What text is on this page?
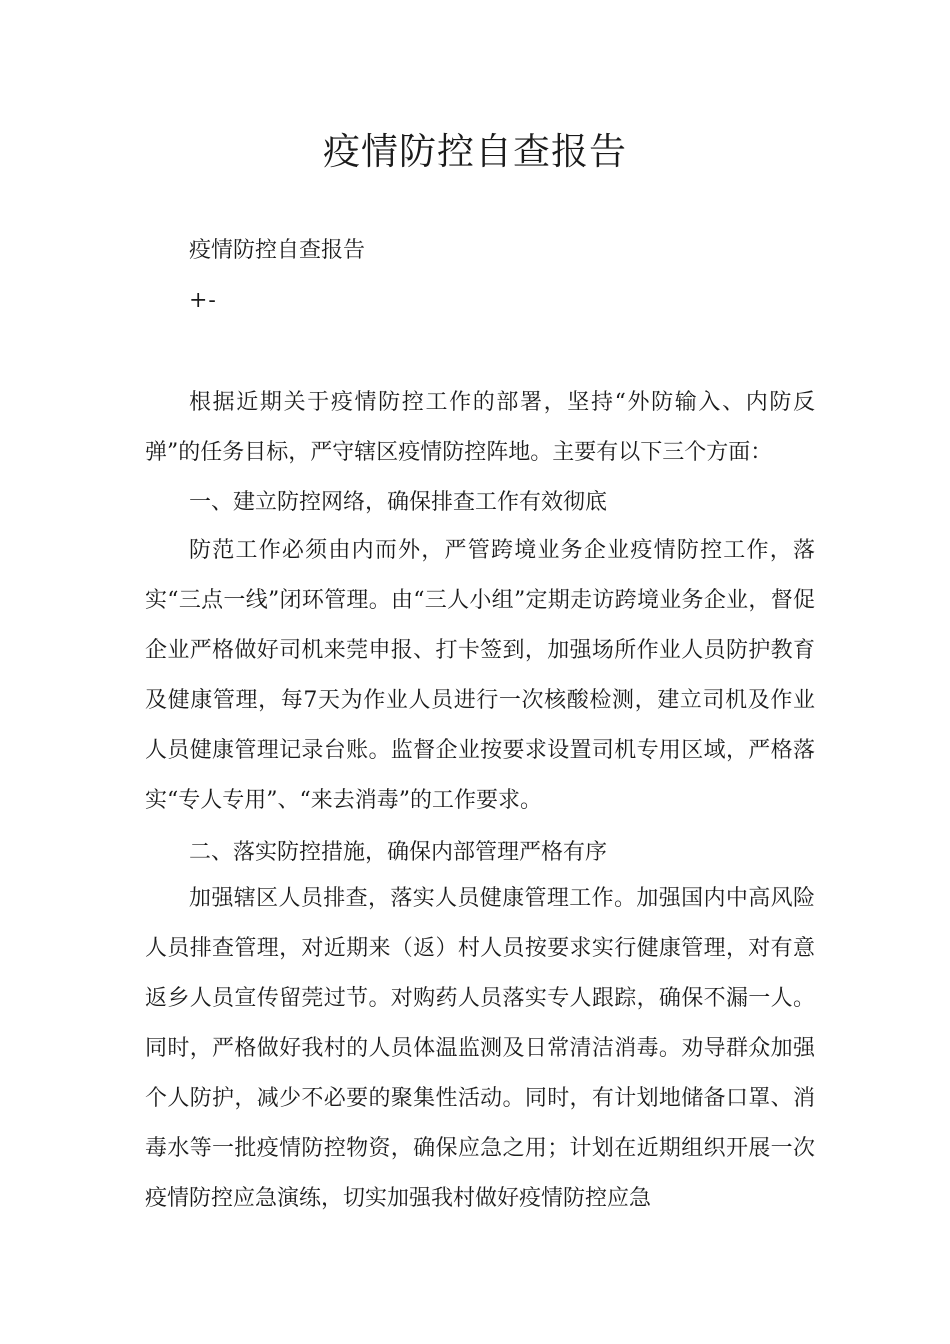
疫情防控自查报告

疫情防控自查报告

+-

根据近期关于疫情防控工作的部署，坚持“外防输入、内防反弹”的任务目标，严守辖区疫情防控阵地。主要有以下三个方面：

一、建立防控网络，确保排查工作有效彻底

防范工作必须由内而外，严管跨境业务企业疫情防控工作，落实“三点一线”闭环管理。由“三人小组”定期走访跨境业务企业，督促企业严格做好司机来莞申报、打卡签到，加强场所作业人员防护教育及健康管理，每7天为作业人员进行一次核酸检测，建立司机及作业人员健康管理记录台账。监督企业按要求设置司机专用区域，严格落实“专人专用”、“来去消毒”的工作要求。

二、落实防控措施，确保内部管理严格有序

加强辖区人员排查，落实人员健康管理工作。加强国内中高风险人员排查管理，对近期来（返）村人员按要求实行健康管理，对有意返乡人员宣传留莞过节。对购药人员落实专人跟踪，确保不漏一人。同时，严格做好我村的人员体温监测及日常清洁消毒。劝导群众加强个人防护，减少不必要的聚集性活动。同时，有计划地储备口罩、消毒水等一批疫情防控物资，确保应急之用；计划在近期组织开展一次疫情防控应急演练，切实加强我村做好疫情防控应急
